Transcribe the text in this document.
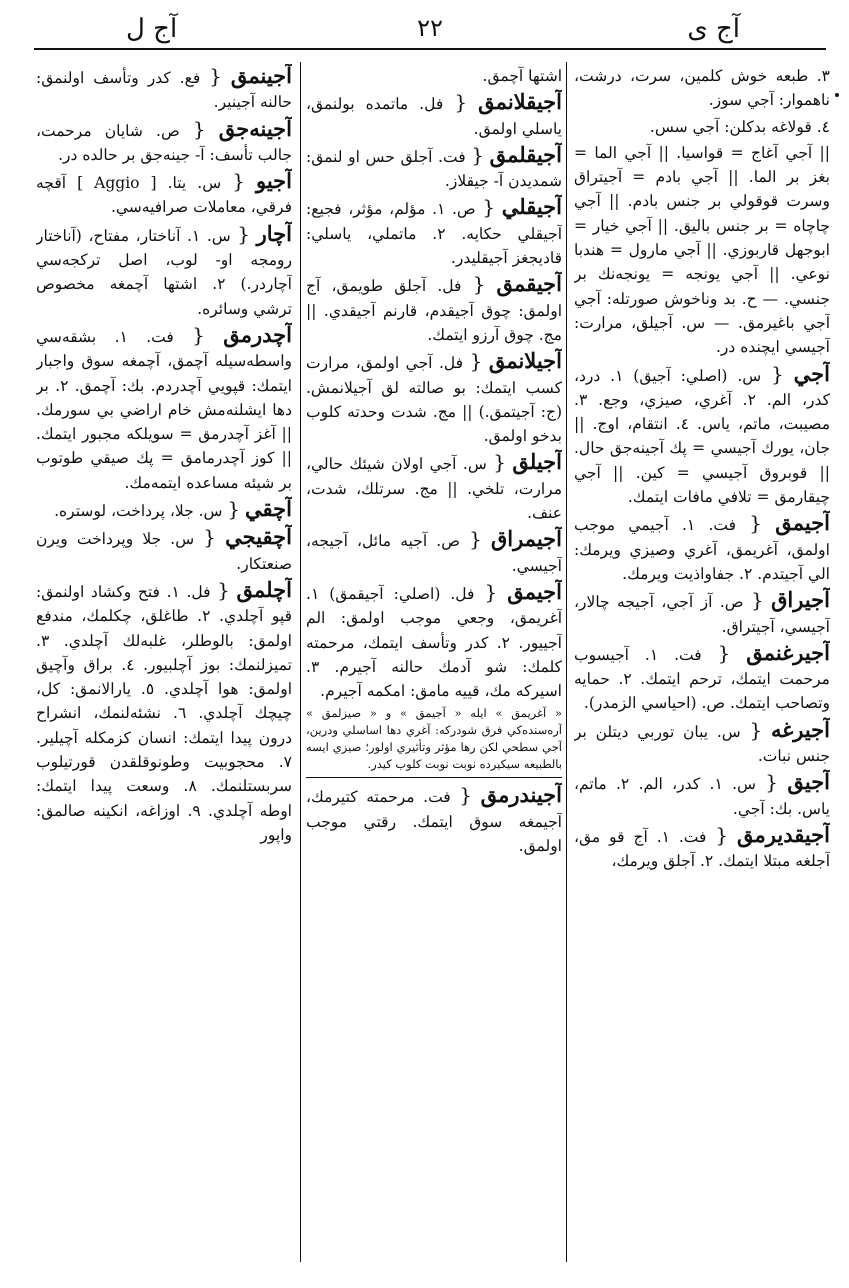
آج ل	٢٢	آج ی

٣. طبعه خوش كلمين، سرت، درشت، ناهموار: آجي سوز.

٤. قولاغه بدكلن: آجي سس.

|| آجي آغاج = قواسيا. || آجي الما = بغز بر الما. || آجي بادم = آجيتراق وسرت قوقولي بر جنس بادم. || آجي چاچاه = بر جنس باليق. || آجي خيار = ابوجهل قاربوزي. || آجي مارول = هندبا نوعي. || آجي يونجه = يونجه‌نك بر جنسي. — ح. بد وناخوش صورتله: آجي آجي باغيرمق. — س. آجيلق، مرارت: آجيسي ايچنده در.

آجي { س. (اصلي: آجيق) ١. درد، كدر، الم. ٢. آغري، صيزي، وجع. ٣. مصيبت، ماتم، ياس. ٤. انتقام، اوج. || جان، يورك آجيسي = پك آجينه‌جق حال. || قوبروق آجيسي = كين. || آجي چيقارمق = تلافي مافات ايتمك.

آجيمق { فت. ١. آجيمي موجب اولمق، آغريمق، آغري وصيزي ويرمك: الي آجيتدم. ٢. جفاواذيت ويرمك.

آجيراق { ص. آز آجي، آجيجه چالار، آجيسي، آجيتراق.

آجيرغنمق { فت. ١. آجيسوب مرحمت ايتمك، ترحم ايتمك. ٢. حمايه وتصاحب ايتمك. ص. (احياسي الزمدر).

آجيرغه { س. يبان توربي ديتلن بر جنس نبات.

آجيق { س. ١. كدر، الم. ٢. ماتم، ياس. بك: آجي.

آجيقديرمق { فت. ١. آج قو مق، آجلغه مبتلا ايتمك. ٢. آجلق ويرمك،

اشتها آچمق.

آجيقلانمق { فل. ماتمده بولنمق، ياسلي اولمق.

آجيقلمق { فت. آجلق حس او لنمق: شمديدن آ- جيقلاز.

آجيقلي { ص. ١. مؤلم، مؤثر، فجيع: آجيقلي حكايه. ٢. ماتملي، ياسلي: قاديجغز آجيقليدر.

آجيقمق { فل. آجلق طويمق، آج اولمق: چوق آجيقدم، قارنم آجيقدي. || مج. چوق آرزو ايتمك.

آجيلانمق { فل. آجي اولمق، مرارت كسب ايتمك: بو صالته لق آجيلانمش. (ج: آجيتمق.) || مج. شدت وحدته كلوب بدخو اولمق.

آجيلق { س. آجي اولان شيئك حالي، مرارت، تلخي. || مج. سرتلك، شدت، عنف.

آجيمراق { ص. آجيه مائل، آجيجه، آجيسي.

آجيمق { فل. (اصلي: آجيقمق) ١. آغريمق، وجعي موجب اولمق: الم آجييور. ٢. كدر وتأسف ايتمك، مرحمته كلمك: شو آدمك حالنه آجيرم. ٣. اسيركه مك، قييه مامق: امكمه آجيرم.

« آغريمق » ايله « آجيمق » و « صيزلمق » آره‌سنده‌كي فرق شودركه: آغري دها اساسلي ودرين، آجي سطحي لكن رها مؤثر وتأثيري اولور؛ صيزي ايسه بالطبيعه سيكيرده نوبت نوبت كلوب كيدر.

آجيندرمق { فت. مرحمته كتيرمك، آجيمغه سوق ايتمك. رقتي موجب اولمق.

آجينمق { فع. كدر وتأسف اولنمق: حالنه آجينير.

آجينه‌جق { ص. شايان مرحمت، جالب تأسف: آ- جينه‌جق بر حالده در.

آجيو { س. يتا. [ Aggio ] آقچه فرقي، معاملات صرافيه‌سي.

آچار { س. ١. آناختار، مفتاح، (آناختار رومجه او- لوب، اصل تركجه‌سي آچاردر.) ٢. اشتها آچمغه مخصوص ترشي وسائره.

آچدرمق { فت. ١. بشقه‌سي واسطه‌سيله آچمق، آچمغه سوق واجبار ايتمك: قپويي آچدردم. بك: آچمق. ٢. بر دها ايشلنه‌مش خام اراضي بي سورمك. || آغز آچدرمق = سويلكه مجبور ايتمك. || كوز آچدرمامق = پك صيقي طوتوب بر شيئه مساعده ايتمه‌مك.

آچقي { س. جلا، پرداخت، لوستره.

آچقيجي { س. جلا وپرداخت ويرن صنعتكار.

آچلمق { فل. ١. فتح وكشاد اولنمق: قپو آچلدي. ٢. طاغلق، چكلمك، مندفع اولمق: بالوطلر، غلبه‌لك آچلدي. ٣. تميزلنمك: بوز آچلبيور. ٤. براق وآچيق اولمق: هوا آچلدي. ٥. يارالانمق: كل، چيچك آچلدي. ٦. نشئه‌لنمك، انشراح درون پيدا ايتمك: انسان كزمكله آچيلير. ٧. محجوبيت وطونوقلقدن قورتيلوب سربستلنمك. ٨. وسعت پيدا ايتمك: اوطه آچلدي. ٩. اوزاغه، انكينه صالمق: واپور
